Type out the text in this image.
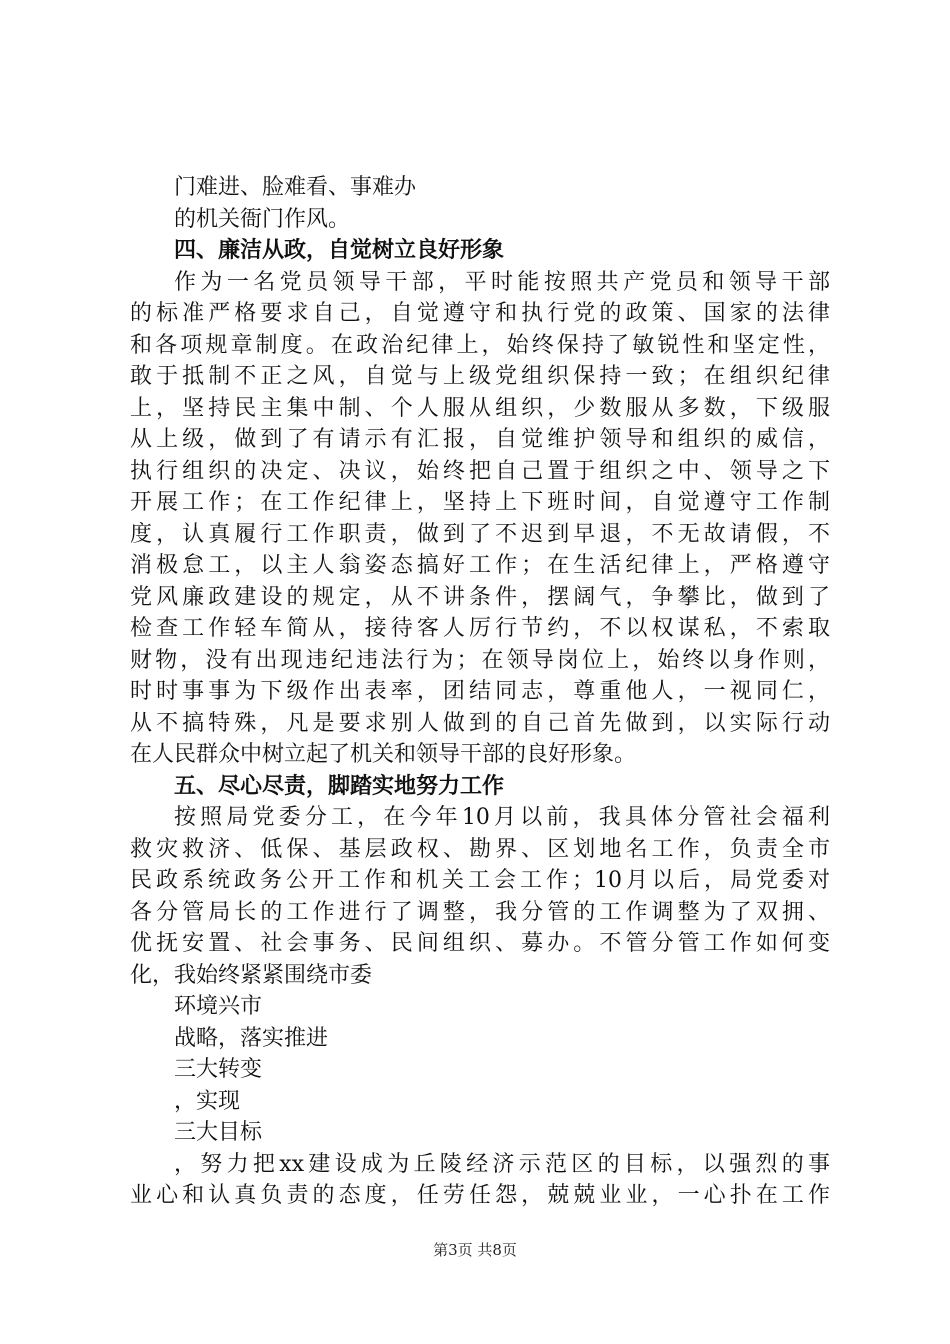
门难进、脸难看、事难办
的机关衙门作风。
四、廉洁从政，自觉树立良好形象
作为一名党员领导干部，平时能按照共产党员和领导干部
的标准严格要求自己，自觉遵守和执行党的政策、国家的法律
和各项规章制度。在政治纪律上，始终保持了敏锐性和坚定性，
敢于抵制不正之风，自觉与上级党组织保持一致；在组织纪律
上，坚持民主集中制、个人服从组织，少数服从多数，下级服
从上级，做到了有请示有汇报，自觉维护领导和组织的威信，
执行组织的决定、决议，始终把自己置于组织之中、领导之下
开展工作；在工作纪律上，坚持上下班时间，自觉遵守工作制
度，认真履行工作职责，做到了不迟到早退，不无故请假，不
消极怠工，以主人翁姿态搞好工作；在生活纪律上，严格遵守
党风廉政建设的规定，从不讲条件，摆阔气，争攀比，做到了
检查工作轻车简从，接待客人厉行节约，不以权谋私，不索取
财物，没有出现违纪违法行为；在领导岗位上，始终以身作则，
时时事事为下级作出表率，团结同志，尊重他人，一视同仁，
从不搞特殊，凡是要求别人做到的自己首先做到，以实际行动
在人民群众中树立起了机关和领导干部的良好形象。
五、尽心尽责，脚踏实地努力工作
按照局党委分工，在今年10月以前，我具体分管社会福利
救灾救济、低保、基层政权、勘界、区划地名工作，负责全市
民政系统政务公开工作和机关工会工作；10月以后，局党委对
各分管局长的工作进行了调整，我分管的工作调整为了双拥、
优抚安置、社会事务、民间组织、募办。不管分管工作如何变
化，我始终紧紧围绕市委
环境兴市
战略，落实推进
三大转变
，实现
三大目标
，努力把xx建设成为丘陵经济示范区的目标，以强烈的事
业心和认真负责的态度，任劳任怨，兢兢业业，一心扑在工作
第3页 共8页
